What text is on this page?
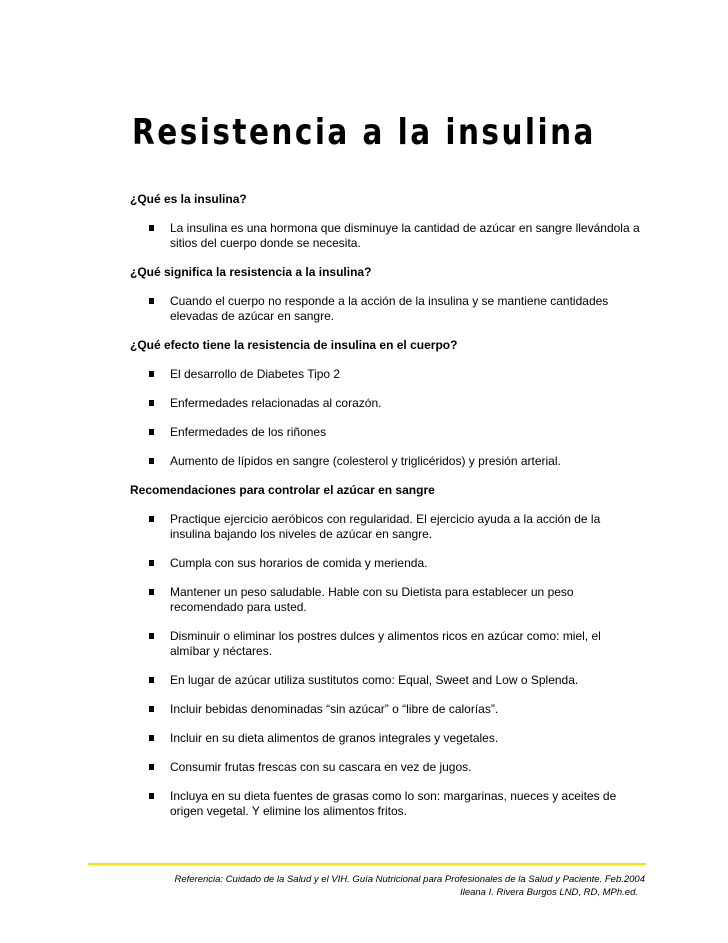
Resistencia a la insulina

¿Qué es la insulina?

La insulina es una hormona que disminuye la cantidad de azúcar en sangre llevándola a sitios del cuerpo donde se necesita.

¿Qué significa la resistencia a la insulina?

Cuando el cuerpo no responde a la acción de la insulina y se mantiene cantidades elevadas de azúcar en sangre.

¿Qué efecto tiene la resistencia de insulina en el cuerpo?

El desarrollo de Diabetes Tipo 2
Enfermedades relacionadas al corazón.
Enfermedades de los riñones
Aumento de lípidos en sangre (colesterol y triglicéridos) y presión arterial.

Recomendaciones para controlar el azúcar en sangre

Practique ejercicio aeróbicos con regularidad. El ejercicio ayuda a la acción de la insulina bajando los niveles de azúcar en sangre.
Cumpla con sus horarios de comida y merienda.
Mantener un peso saludable. Hable con su Dietista para establecer un peso recomendado para usted.
Disminuir o eliminar los postres dulces y alimentos ricos en azúcar como: miel, el almíbar y néctares.
En lugar de azúcar utiliza sustitutos como: Equal, Sweet and Low o Splenda.
Incluir bebidas denominadas “sin azúcar” o “libre de calorías”.
Incluir en su dieta alimentos de granos integrales y vegetales.
Consumir frutas frescas con su cascara en vez de jugos.
Incluya en su dieta fuentes de grasas como lo son: margarinas, nueces y aceites de origen vegetal. Y elimine los alimentos fritos.
Referencia: Cuidado de la Salud y el VIH. Guía Nutricional para Profesionales de la Salud y Paciente. Feb.2004
Ileana I. Rivera Burgos LND, RD, MPh.ed.
